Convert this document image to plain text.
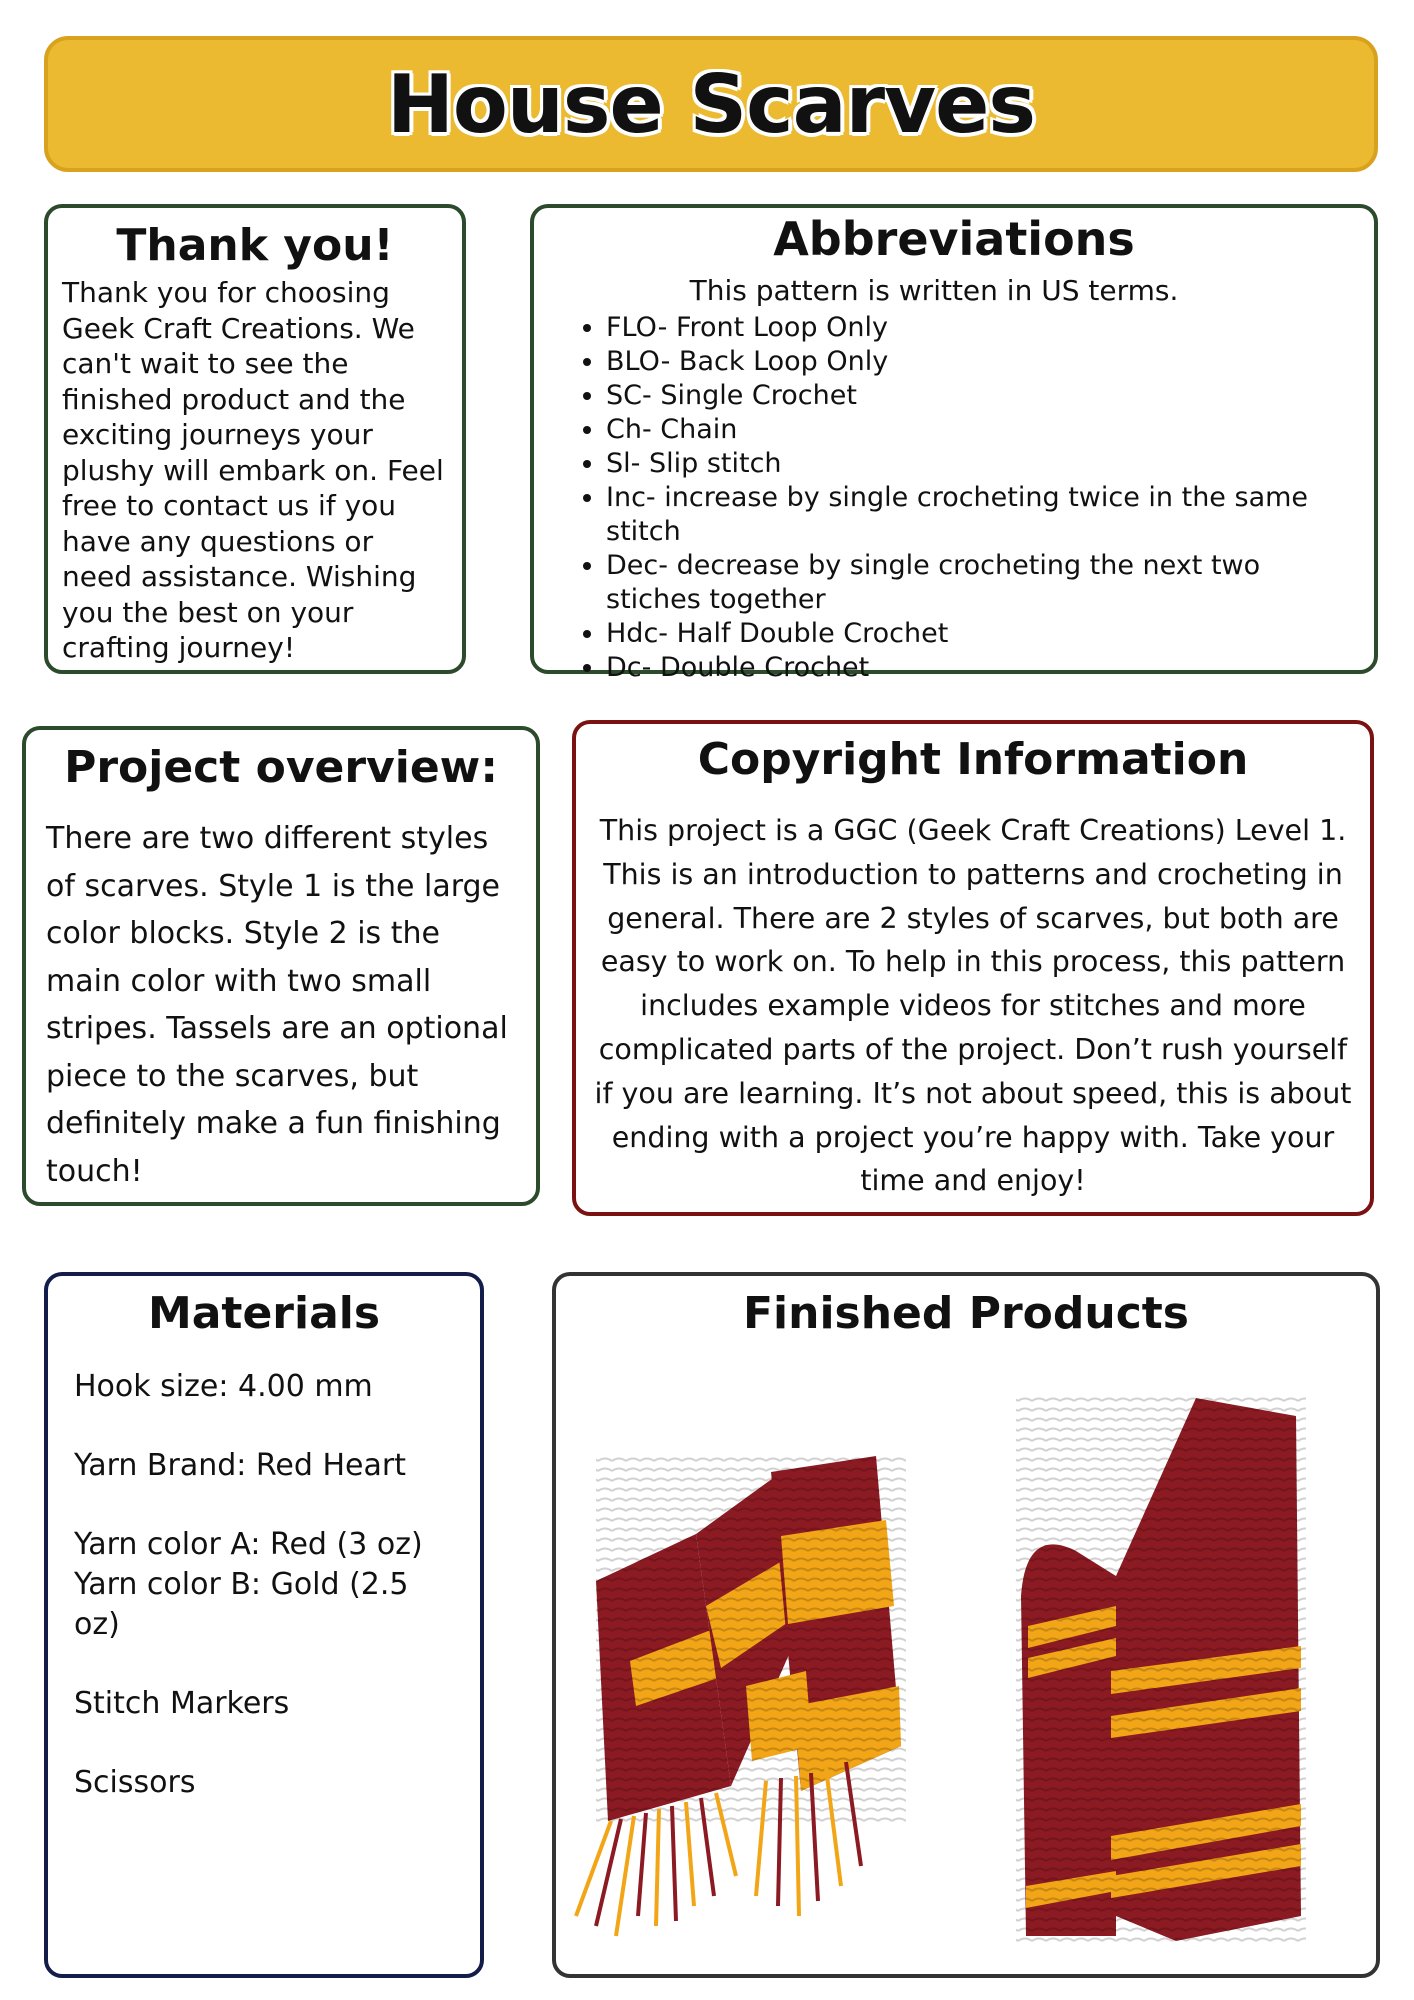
House Scarves

Thank you!

Thank you for choosing Geek Craft Creations. We can't wait to see the finished product and the exciting journeys your plushy will embark on. Feel free to contact us if you have any questions or need assistance. Wishing you the best on your crafting journey!

Abbreviations

This pattern is written in US terms.
• FLO- Front Loop Only
• BLO- Back Loop Only
• SC- Single Crochet
• Ch- Chain
• Sl- Slip stitch
• Inc- increase by single crocheting twice in the same stitch
• Dec- decrease by single crocheting the next two stiches together
• Hdc- Half Double Crochet
• Dc- Double Crochet

Project overview:

There are two different styles of scarves. Style 1 is the large color blocks. Style 2 is the main color with two small stripes. Tassels are an optional piece to the scarves, but definitely make a fun finishing touch!

Copyright Information

This project is a GGC (Geek Craft Creations) Level 1. This is an introduction to patterns and crocheting in general. There are 2 styles of scarves, but both are easy to work on. To help in this process, this pattern includes example videos for stitches and more complicated parts of the project. Don’t rush yourself if you are learning. It’s not about speed, this is about ending with a project you’re happy with. Take your time and enjoy!

Materials

Hook size: 4.00 mm
Yarn Brand: Red Heart
Yarn color A: Red (3 oz)
Yarn color B: Gold (2.5 oz)
Stitch Markers
Scissors

Finished Products
